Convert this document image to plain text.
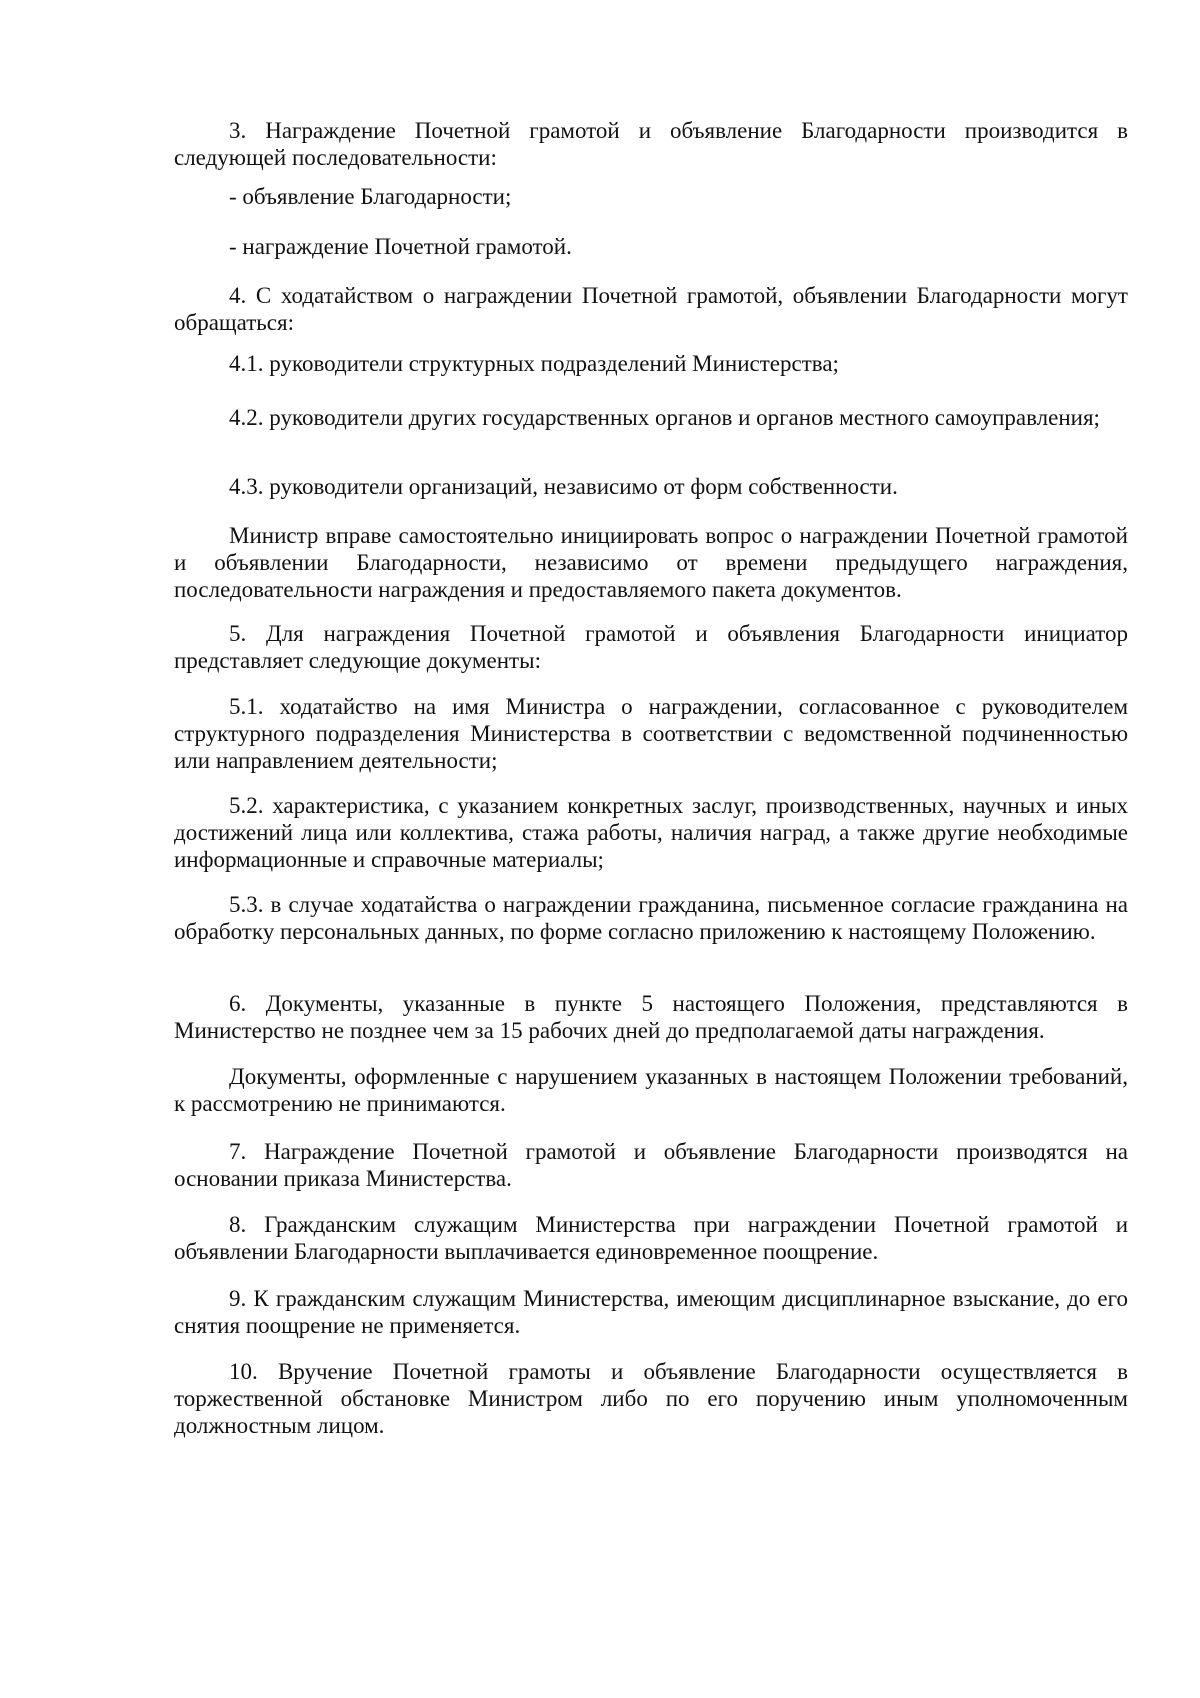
3. Награждение Почетной грамотой и объявление Благодарности производится в следующей последовательности:

- объявление Благодарности;

- награждение Почетной грамотой.

4. С ходатайством о награждении Почетной грамотой, объявлении Благодарности могут обращаться:

4.1. руководители структурных подразделений Министерства;

4.2. руководители других государственных органов и органов местного самоуправления;

4.3. руководители организаций, независимо от форм собственности.

Министр вправе самостоятельно инициировать вопрос о награждении Почетной грамотой и объявлении Благодарности, независимо от времени предыдущего награждения, последовательности награждения и предоставляемого пакета документов.

5. Для награждения Почетной грамотой и объявления Благодарности инициатор представляет следующие документы:

5.1. ходатайство на имя Министра о награждении, согласованное с руководителем структурного подразделения Министерства в соответствии с ведомственной подчиненностью или направлением деятельности;

5.2. характеристика, с указанием конкретных заслуг, производственных, научных и иных достижений лица или коллектива, стажа работы, наличия наград, а также другие необходимые информационные и справочные материалы;

5.3. в случае ходатайства о награждении гражданина, письменное согласие гражданина на обработку персональных данных, по форме согласно приложению к настоящему Положению.

6. Документы, указанные в пункте 5 настоящего Положения, представляются в Министерство не позднее чем за 15 рабочих дней до предполагаемой даты награждения.

Документы, оформленные с нарушением указанных в настоящем Положении требований, к рассмотрению не принимаются.

7. Награждение Почетной грамотой и объявление Благодарности производятся на основании приказа Министерства.

8. Гражданским служащим Министерства при награждении Почетной грамотой и объявлении Благодарности выплачивается единовременное поощрение.

9. К гражданским служащим Министерства, имеющим дисциплинарное взыскание, до его снятия поощрение не применяется.

10. Вручение Почетной грамоты и объявление Благодарности осуществляется в торжественной обстановке Министром либо по его поручению иным уполномоченным должностным лицом.
